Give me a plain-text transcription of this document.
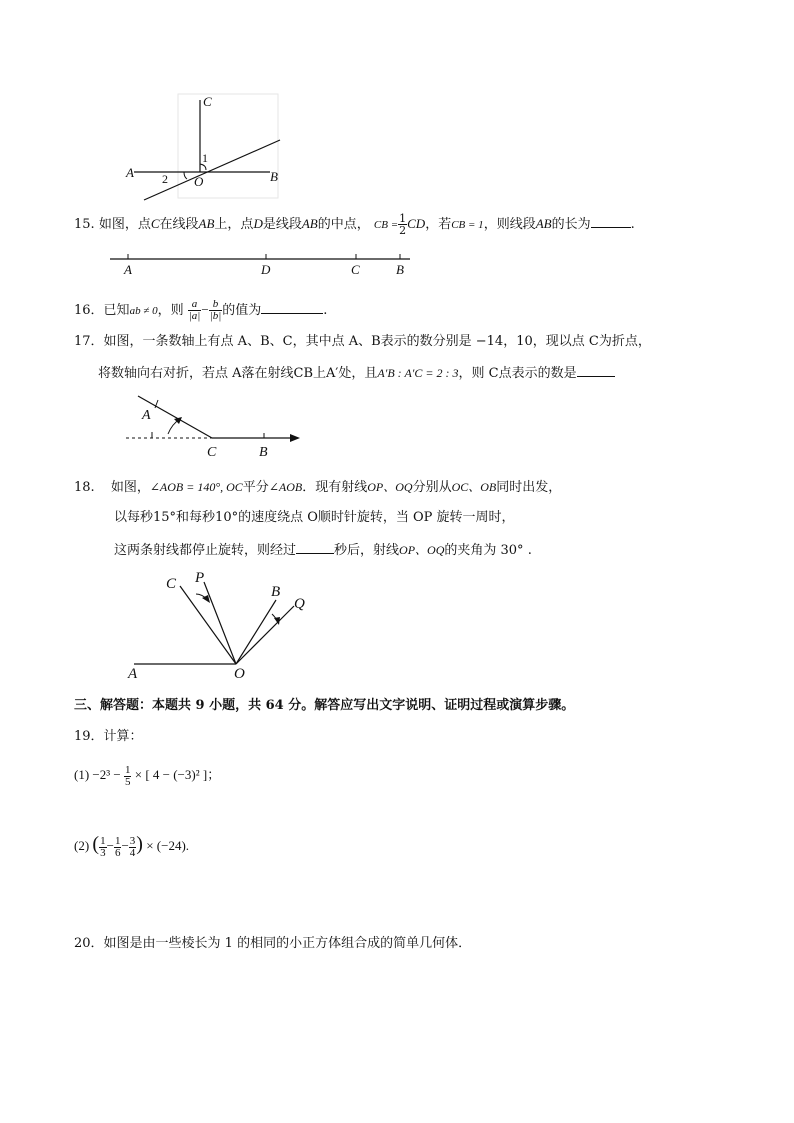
C
A	B
O
1
2
15. 如图，点C在线段AB上，点D是线段AB的中点， CB = $\frac{1}{2}$ CD，若CB = 1，则线段AB的长为	.
A	D	C	B
16．已知ab ≠ 0，则 $\frac{a}{|a|} - \frac{b}{|b|}$ 的值为	.
17．如图，一条数轴上有点 A、B、C，其中点 A、B表示的数分别是 −14，10，现以点 C为折点，
将数轴向右对折，若点 A落在射线CB上A′处，且A′B : A′C = 2 : 3，则 C点表示的数是
A
C	B
18. 如图，∠AOB = 140°, OC平分∠AOB．现有射线OP、OQ分别从OC、OB同时出发，
以每秒15°和每秒10°的速度绕点 O顺时针旋转，当 OP 旋转一周时，
这两条射线都停止旋转，则经过	秒后，射线OP、OQ的夹角为 30° .
C P
B
Q
A	O
三、解答题：本题共 9 小题，共 64 分。解答应写出文字说明、证明过程或演算步骤。
19．计算：
$(1) -2^3 - \frac{1}{5}$ × [ 4 − (−3)² ]；
(2) ( $\frac{1}{3} - \frac{1}{6} - \frac{3}{4}$ ) × (−24).
20．如图是由一些棱长为 1 的相同的小正方体组合成的简单几何体．
